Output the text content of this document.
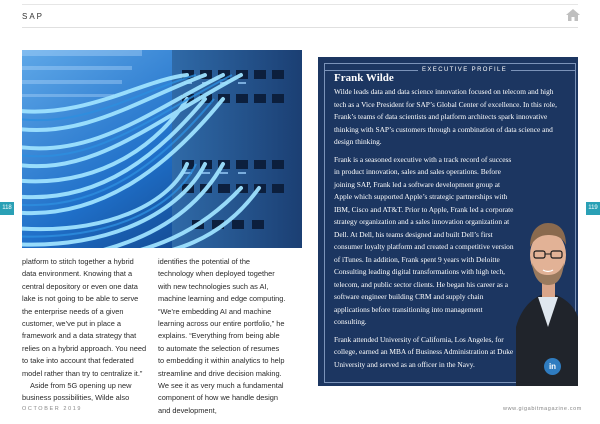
SAP
118	119

platform to stitch together a hybrid data environment. Knowing that a central depository or even one data lake is not going to be able to serve the enterprise needs of a given customer, we’ve put in place a framework and a data strategy that relies on a hybrid approach. You need to take into account that federated model rather than try to centralize it.”

Aside from 5G opening up new business possibilities, Wilde also

identifies the potential of the technology when deployed together with new technologies such as AI, machine learning and edge computing. “We’re embedding AI and machine learning across our entire portfolio,” he explains. “Everything from being able to automate the selection of resumes to embedding it within analytics to help streamline and drive decision making. We see it as very much a fundamental component of how we handle design and development,

OCTOBER 2019	www.gigabitmagazine.com
EXECUTIVE PROFILE
Frank Wilde

Wilde leads data and data science innovation focused on telecom and high tech as a Vice President for SAP’s Global Center of excellence. In this role, Frank’s teams of data scientists and platform architects spark innovative thinking with SAP’s customers through a combination of data science and design thinking.

Frank is a seasoned executive with a track record of success in product innovation, sales and sales operations. Before joining SAP, Frank led a software development group at Apple which supported Apple’s strategic partnerships with IBM, Cisco and AT&T. Prior to Apple, Frank led a corporate strategy organization and a sales innovation organization at Dell. At Dell, his teams designed and built Dell’s first consumer loyalty platform and created a competitive version of iTunes. In addition, Frank spent 9 years with Deloitte Consulting leading digital transformations with high tech, telecom, and public sector clients. He began his career as a software engineer building CRM and supply chain applications before transitioning into management consulting.

Frank attended University of California, Los Angeles, for college, earned an MBA of Business Administration at Duke University and served as an officer in the Navy.	in
